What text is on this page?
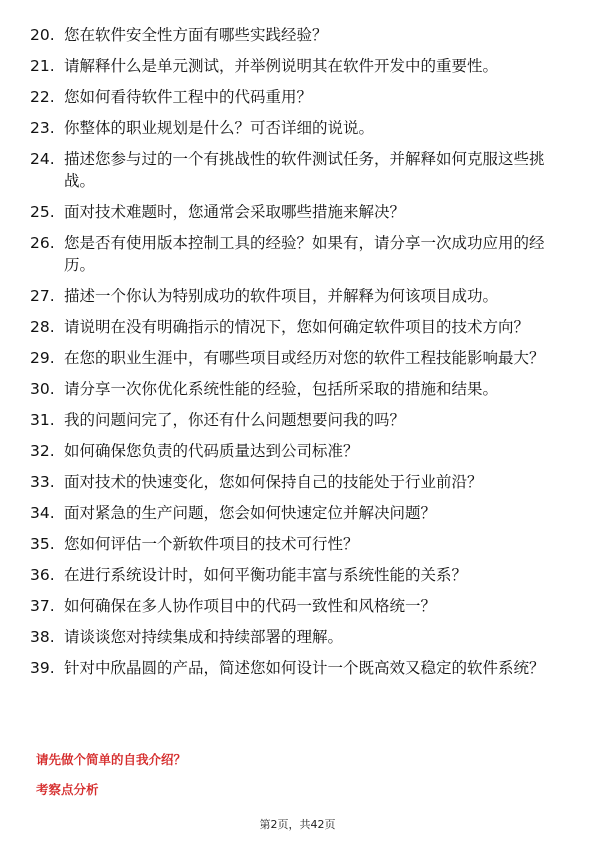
20. 您在软件安全性方面有哪些实践经验？
21. 请解释什么是单元测试，并举例说明其在软件开发中的重要性。
22. 您如何看待软件工程中的代码重用？
23. 你整体的职业规划是什么？可否详细的说说。
24. 描述您参与过的一个有挑战性的软件测试任务，并解释如何克服这些挑战。
25. 面对技术难题时，您通常会采取哪些措施来解决？
26. 您是否有使用版本控制工具的经验？如果有，请分享一次成功应用的经历。
27. 描述一个你认为特别成功的软件项目，并解释为何该项目成功。
28. 请说明在没有明确指示的情况下，您如何确定软件项目的技术方向？
29. 在您的职业生涯中，有哪些项目或经历对您的软件工程技能影响最大？
30. 请分享一次你优化系统性能的经验，包括所采取的措施和结果。
31. 我的问题问完了，你还有什么问题想要问我的吗？
32. 如何确保您负责的代码质量达到公司标准？
33. 面对技术的快速变化，您如何保持自己的技能处于行业前沿？
34. 面对紧急的生产问题，您会如何快速定位并解决问题？
35. 您如何评估一个新软件项目的技术可行性？
36. 在进行系统设计时，如何平衡功能丰富与系统性能的关系？
37. 如何确保在多人协作项目中的代码一致性和风格统一？
38. 请谈谈您对持续集成和持续部署的理解。
39. 针对中欣晶圆的产品，简述您如何设计一个既高效又稳定的软件系统？

请先做个简单的自我介绍？

考察点分析

第2页，共42页
